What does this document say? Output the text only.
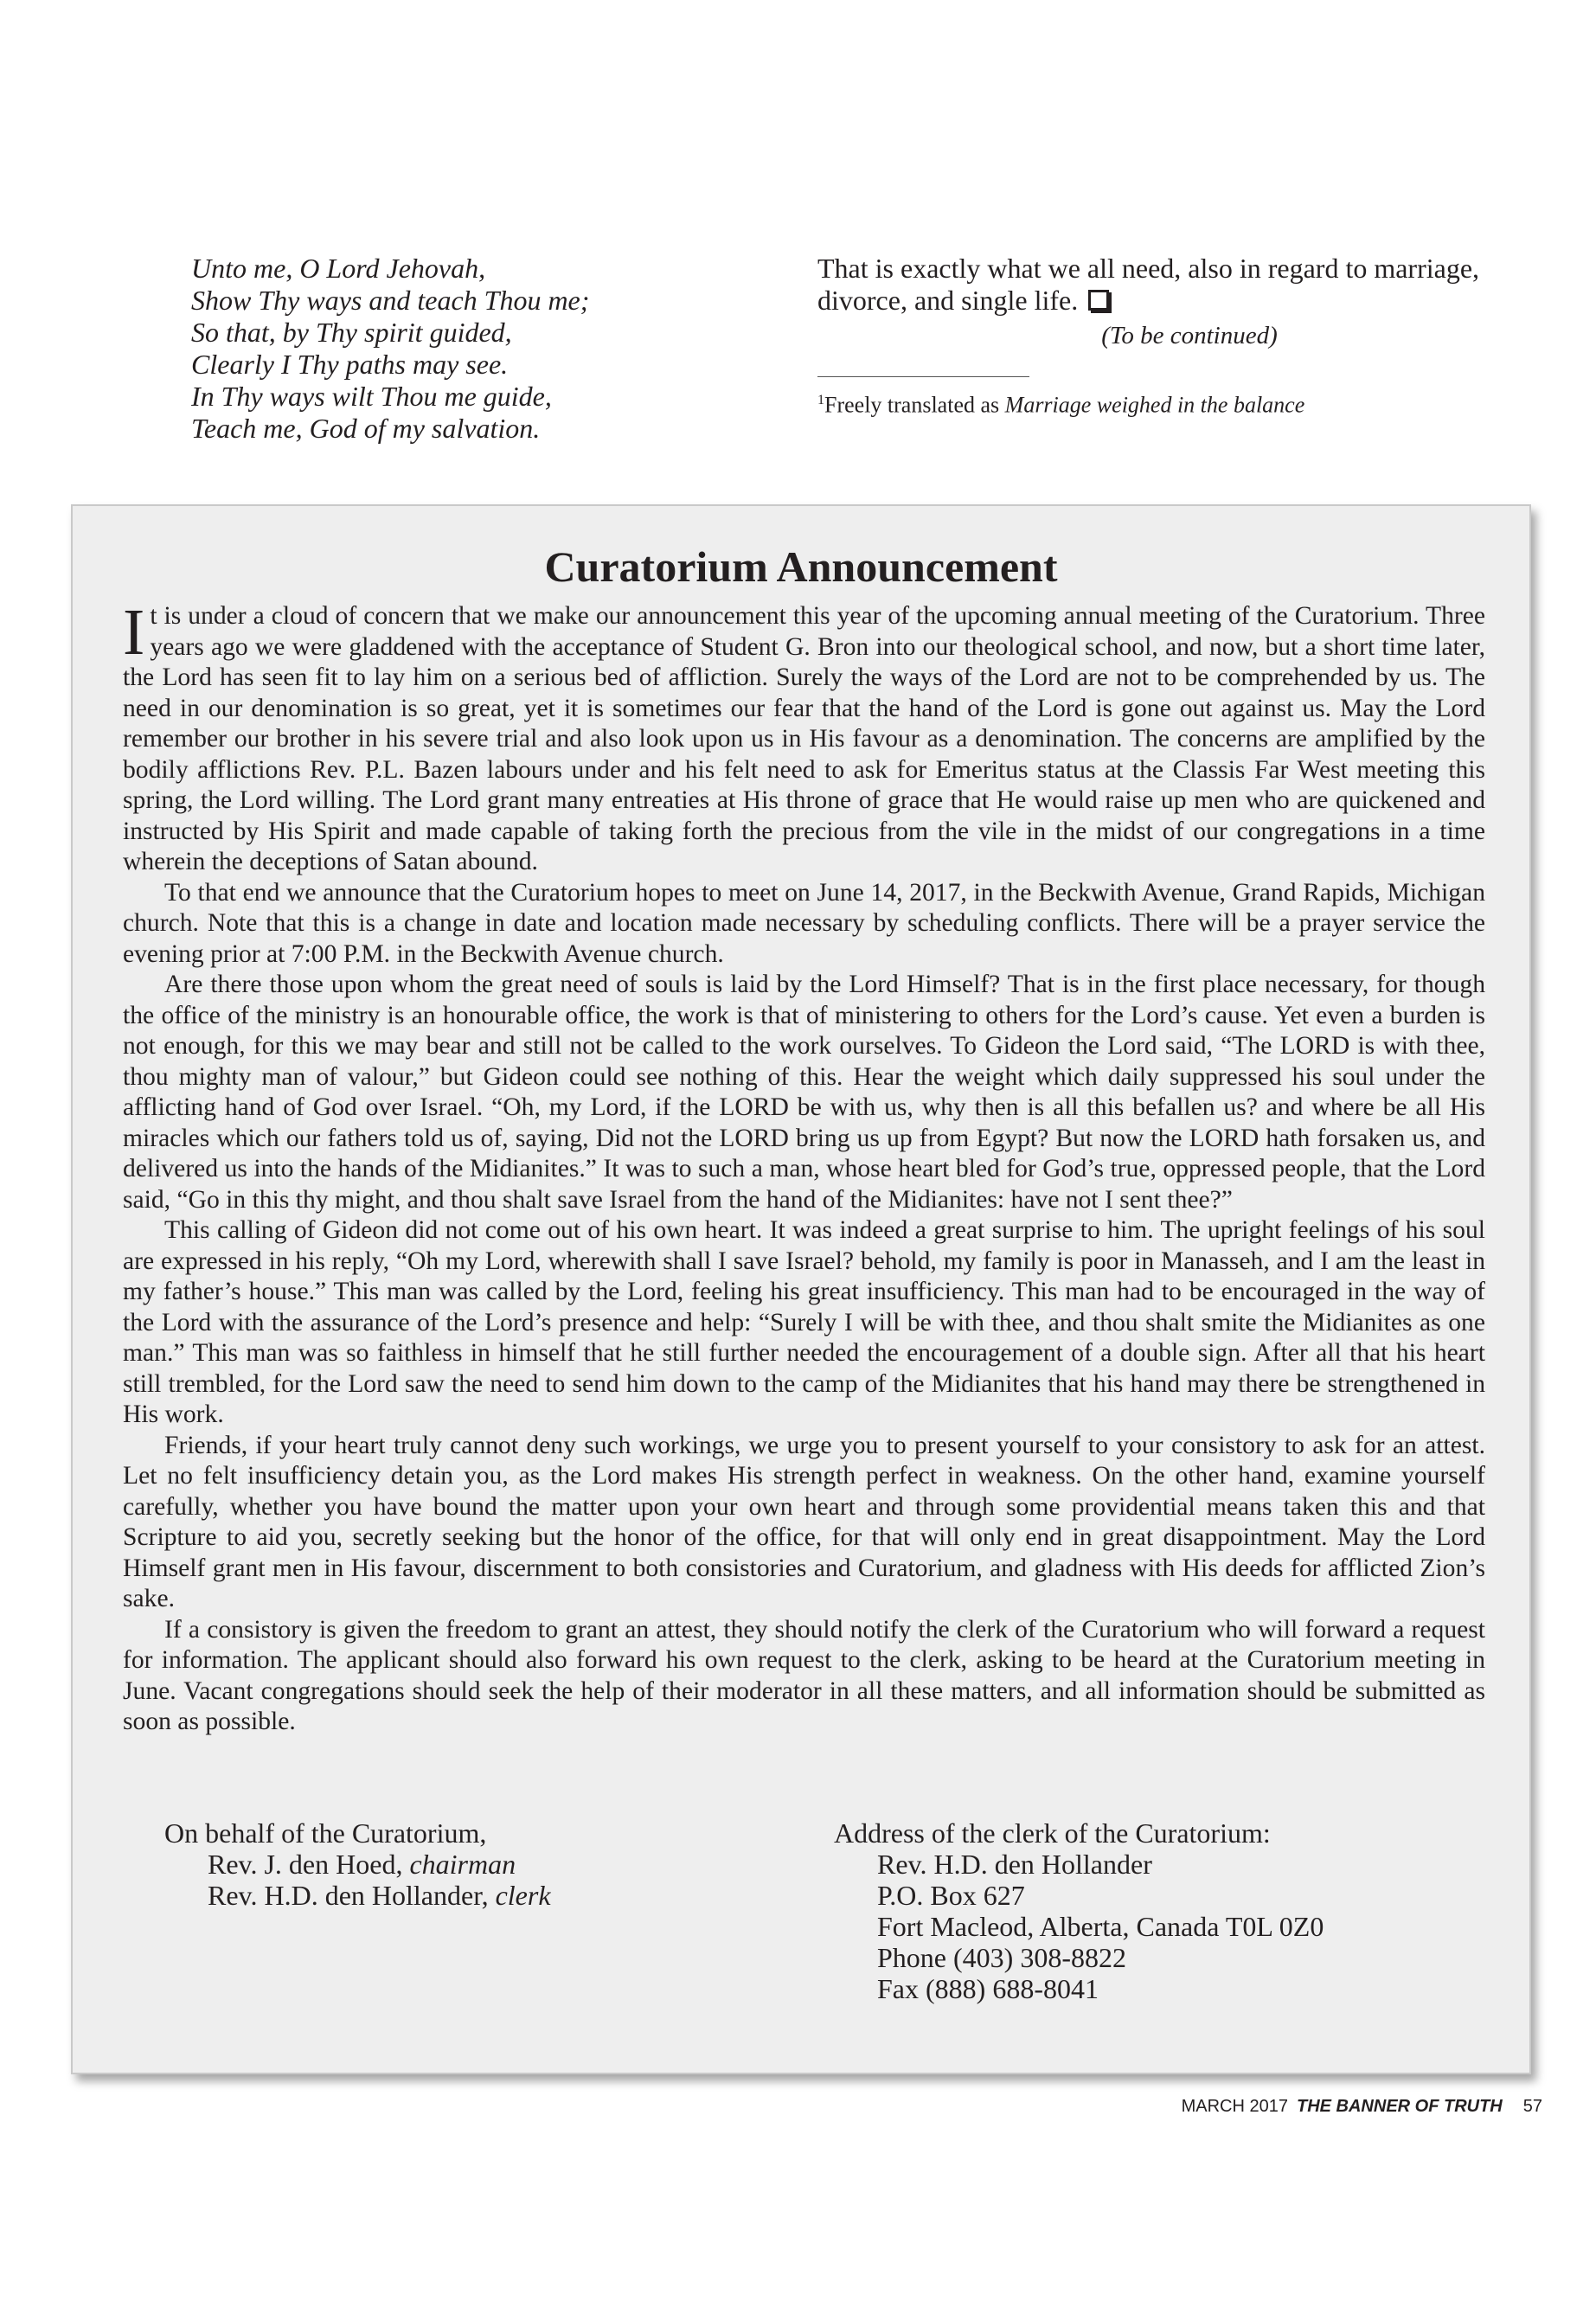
Unto me, O Lord Jehovah,
Show Thy ways and teach Thou me;
So that, by Thy spirit guided,
Clearly I Thy paths may see.
In Thy ways wilt Thou me guide,
Teach me, God of my salvation.
That is exactly what we all need, also in regard to marriage, divorce, and single life.
(To be continued)
$^1$Freely translated as Marriage weighed in the balance
Curatorium Announcement

It is under a cloud of concern that we make our announcement this year of the upcoming annual meeting of the Curatorium. Three years ago we were gladdened with the acceptance of Student G. Bron into our theological school, and now, but a short time later, the Lord has seen fit to lay him on a serious bed of affliction. Surely the ways of the Lord are not to be comprehended by us. The need in our denomination is so great, yet it is sometimes our fear that the hand of the Lord is gone out against us. May the Lord remember our brother in his severe trial and also look upon us in His favour as a denomination. The concerns are amplified by the bodily afflictions Rev. P.L. Bazen labours under and his felt need to ask for Emeritus status at the Classis Far West meeting this spring, the Lord willing. The Lord grant many entreaties at His throne of grace that He would raise up men who are quickened and instructed by His Spirit and made capable of taking forth the precious from the vile in the midst of our congregations in a time wherein the deceptions of Satan abound.

To that end we announce that the Curatorium hopes to meet on June 14, 2017, in the Beckwith Avenue, Grand Rapids, Michigan church. Note that this is a change in date and location made necessary by scheduling conflicts. There will be a prayer service the evening prior at 7:00 P.M. in the Beckwith Avenue church.

Are there those upon whom the great need of souls is laid by the Lord Himself? That is in the first place necessary, for though the office of the ministry is an honourable office, the work is that of ministering to others for the Lord’s cause. Yet even a burden is not enough, for this we may bear and still not be called to the work ourselves. To Gideon the Lord said, “The LORD is with thee, thou mighty man of valour,” but Gideon could see nothing of this. Hear the weight which daily suppressed his soul under the afflicting hand of God over Israel. “Oh, my Lord, if the LORD be with us, why then is all this befallen us? and where be all His miracles which our fathers told us of, saying, Did not the LORD bring us up from Egypt? But now the LORD hath forsaken us, and delivered us into the hands of the Midianites.” It was to such a man, whose heart bled for God’s true, oppressed people, that the Lord said, “Go in this thy might, and thou shalt save Israel from the hand of the Midianites: have not I sent thee?”

This calling of Gideon did not come out of his own heart. It was indeed a great surprise to him. The upright feelings of his soul are expressed in his reply, “Oh my Lord, wherewith shall I save Israel? behold, my family is poor in Manasseh, and I am the least in my father’s house.” This man was called by the Lord, feeling his great insufficiency. This man had to be encouraged in the way of the Lord with the assurance of the Lord’s presence and help: “Surely I will be with thee, and thou shalt smite the Midianites as one man.” This man was so faithless in himself that he still further needed the encouragement of a double sign. After all that his heart still trembled, for the Lord saw the need to send him down to the camp of the Midianites that his hand may there be strengthened in His work.

Friends, if your heart truly cannot deny such workings, we urge you to present yourself to your consistory to ask for an attest. Let no felt insufficiency detain you, as the Lord makes His strength perfect in weakness. On the other hand, examine yourself carefully, whether you have bound the matter upon your own heart and through some providential means taken this and that Scripture to aid you, secretly seeking but the honor of the office, for that will only end in great disappointment. May the Lord Himself grant men in His favour, discernment to both consistories and Curatorium, and gladness with His deeds for afflicted Zion’s sake.

If a consistory is given the freedom to grant an attest, they should notify the clerk of the Curatorium who will forward a request for information. The applicant should also forward his own request to the clerk, asking to be heard at the Curatorium meeting in June. Vacant congregations should seek the help of their moderator in all these matters, and all information should be submitted as soon as possible.

On behalf of the Curatorium,
Rev. J. den Hoed, chairman
Rev. H.D. den Hollander, clerk
Address of the clerk of the Curatorium:
Rev. H.D. den Hollander
P.O. Box 627
Fort Macleod, Alberta, Canada T0L 0Z0
Phone (403) 308-8822
Fax (888) 688-8041
MARCH 2017 THE BANNER OF TRUTH 57
